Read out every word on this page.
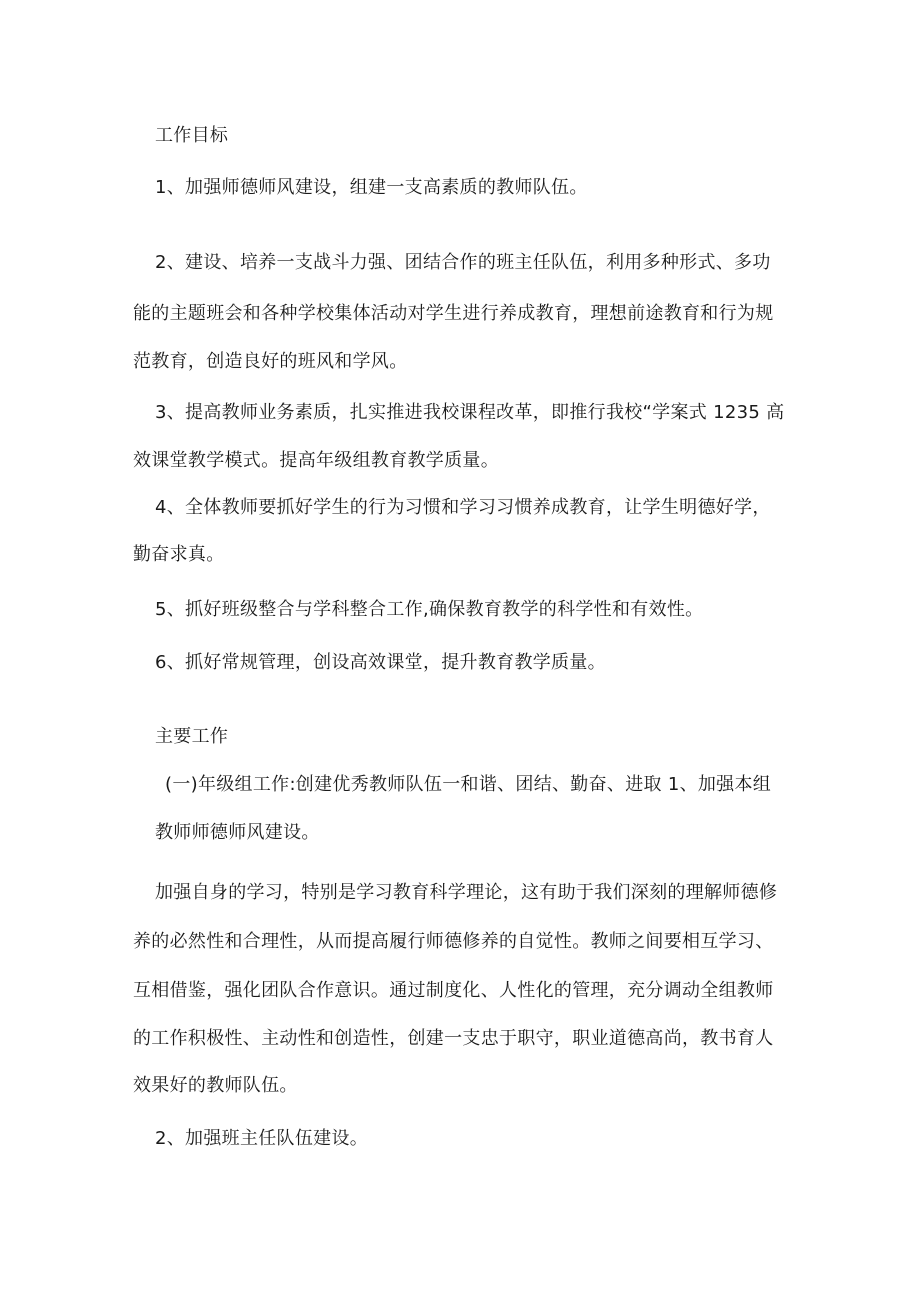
工作目标
1、加强师德师风建设，组建一支高素质的教师队伍。
2、建设、培养一支战斗力强、团结合作的班主任队伍，利用多种形式、多功
能的主题班会和各种学校集体活动对学生进行养成教育，理想前途教育和行为规
范教育，创造良好的班风和学风。
3、提高教师业务素质，扎实推进我校课程改革，即推行我校“学案式 1235 高
效课堂教学模式。提高年级组教育教学质量。
4、全体教师要抓好学生的行为习惯和学习习惯养成教育，让学生明德好学，
勤奋求真。
5、抓好班级整合与学科整合工作,确保教育教学的科学性和有效性。
6、抓好常规管理，创设高效课堂，提升教育教学质量。
主要工作
(一)年级组工作:创建优秀教师队伍一和谐、团结、勤奋、进取 1、加强本组
教师师德师风建设。
加强自身的学习，特别是学习教育科学理论，这有助于我们深刻的理解师德修
养的必然性和合理性，从而提高履行师德修养的自觉性。教师之间要相互学习、
互相借鉴，强化团队合作意识。通过制度化、人性化的管理，充分调动全组教师
的工作积极性、主动性和创造性，创建一支忠于职守，职业道德高尚，教书育人
效果好的教师队伍。
2、加强班主任队伍建设。
